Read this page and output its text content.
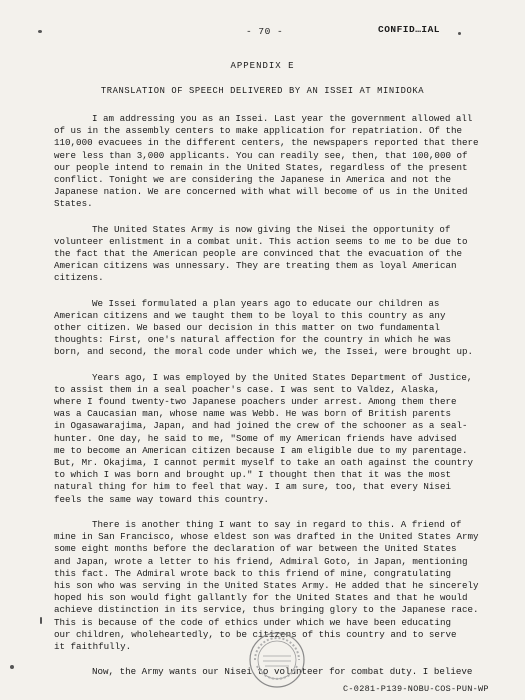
- 70 -	CONFID…IAL
APPENDIX E
TRANSLATION OF SPEECH DELIVERED BY AN ISSEI AT MINIDOKA

I am addressing you as an Issei. Last year the government allowed all
of us in the assembly centers to make application for repatriation. Of the
110,000 evacuees in the different centers, the newspapers reported that there
were less than 3,000 applicants. You can readily see, then, that 100,000 of
our people intend to remain in the United States, regardless of the present
conflict. Tonight we are considering the Japanese in America and not the
Japanese nation. We are concerned with what will become of us in the United
States.

The United States Army is now giving the Nisei the opportunity of
volunteer enlistment in a combat unit. This action seems to me to be due to
the fact that the American people are convinced that the evacuation of the
American citizens was unnessary. They are treating them as loyal American
citizens.

We Issei formulated a plan years ago to educate our children as
American citizens and we taught them to be loyal to this country as any
other citizen. We based our decision in this matter on two fundamental
thoughts: First, one's natural affection for the country in which he was
born, and second, the moral code under which we, the Issei, were brought up.

Years ago, I was employed by the United States Department of Justice,
to assist them in a seal poacher's case. I was sent to Valdez, Alaska,
where I found twenty-two Japanese poachers under arrest. Among them there
was a Caucasian man, whose name was Webb. He was born of British parents
in Ogasawarajima, Japan, and had joined the crew of the schooner as a seal-
hunter. One day, he said to me, "Some of my American friends have advised
me to become an American citizen because I am eligible due to my parentage.
But, Mr. Okajima, I cannot permit myself to take an oath against the country
to which I was born and brought up." I thought then that it was the most
natural thing for him to feel that way. I am sure, too, that every Nisei
feels the same way toward this country.

There is another thing I want to say in regard to this. A friend of
mine in San Francisco, whose eldest son was drafted in the United States Army
some eight months before the declaration of war between the United States
and Japan, wrote a letter to his friend, Admiral Goto, in Japan, mentioning
this fact. The Admiral wrote back to this friend of mine, congratulating
his son who was serving in the United States Army. He added that he sincerely
hoped his son would fight gallantly for the United States and that he would
achieve distinction in its service, thus bringing glory to the Japanese race.
This is because of the code of ethics under which we have been educating
our children, wholeheartedly, to be citizens of this country and to serve
it faithfully.

Now, the Army wants our Nisei to volunteer for combat duty. I believe

C-0281-P139-NOBU-COS-PUN-WP
